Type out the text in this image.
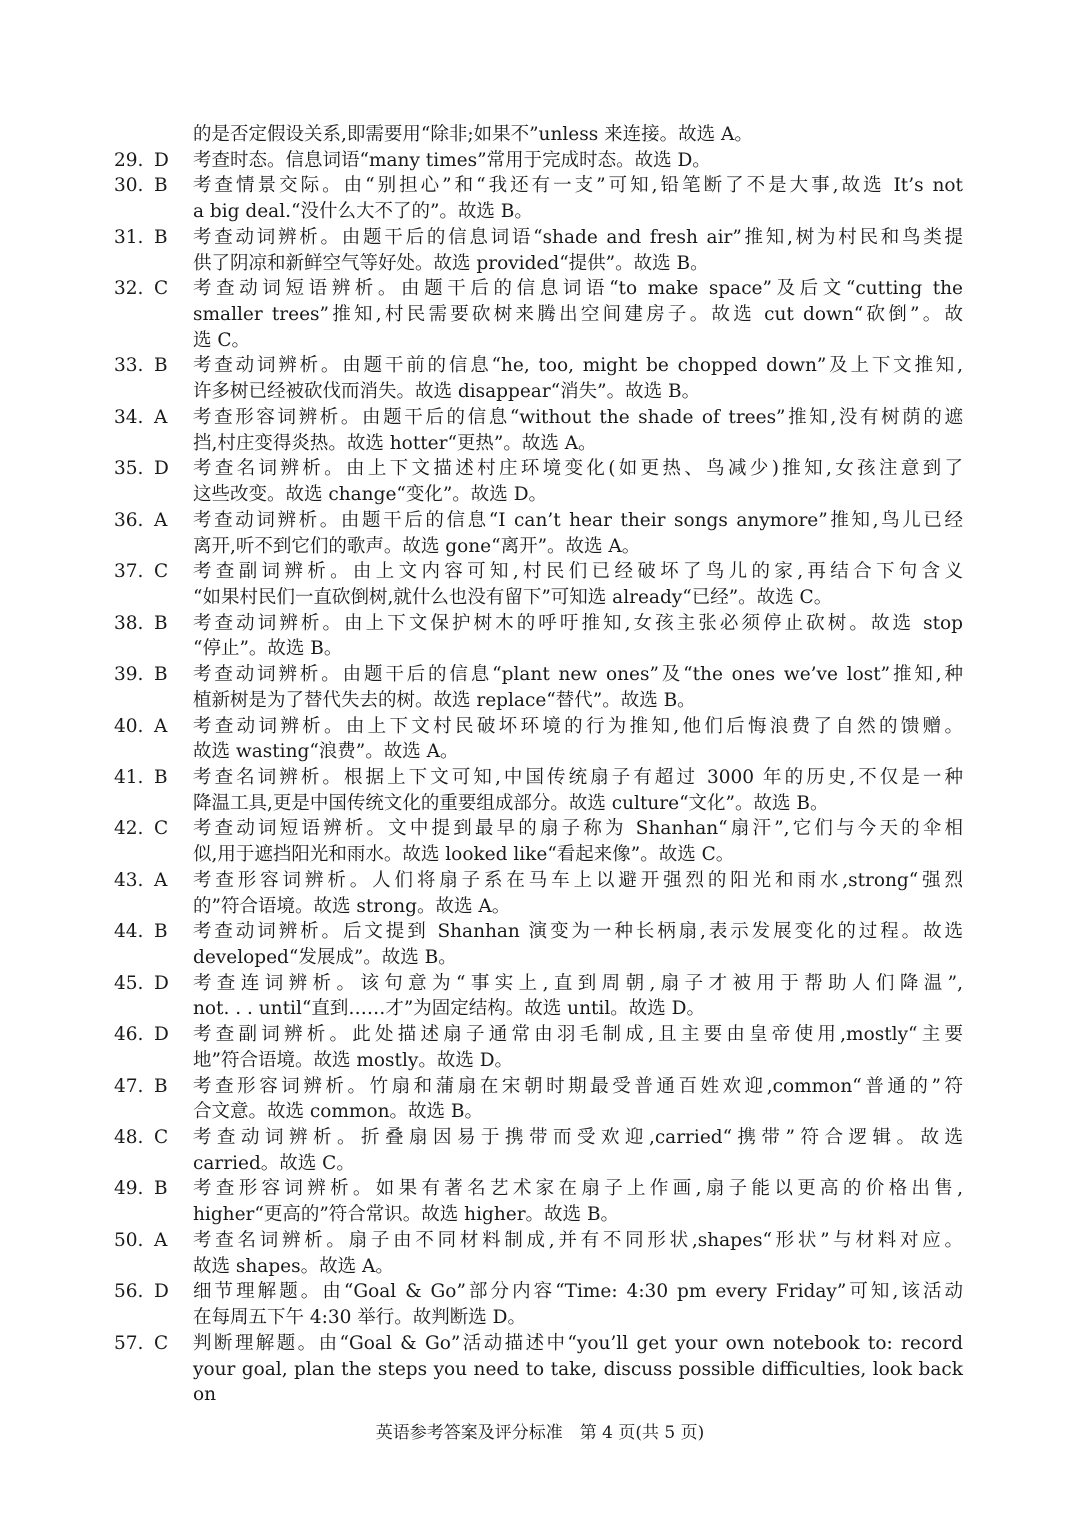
的是否定假设关系,即需要用“除非;如果不”unless 来连接。故选 A。
29. D	考查时态。信息词语“many times”常用于完成时态。故选 D。
30. B	考查情景交际。由“别担心”和“我还有一支”可知,铅笔断了不是大事,故选 It’s not
a big deal.“没什么大不了的”。故选 B。
31. B	考查动词辨析。由题干后的信息词语“shade and fresh air”推知,树为村民和鸟类提
供了阴凉和新鲜空气等好处。故选 provided“提供”。故选 B。
32. C	考查动词短语辨析。由题干后的信息词语“to make space”及后文“cutting the
smaller trees”推知,村民需要砍树来腾出空间建房子。故选 cut down“砍倒”。故
选 C。
33. B	考查动词辨析。由题干前的信息“he, too, might be chopped down”及上下文推知,
许多树已经被砍伐而消失。故选 disappear“消失”。故选 B。
34. A	考查形容词辨析。由题干后的信息“without the shade of trees”推知,没有树荫的遮
挡,村庄变得炎热。故选 hotter“更热”。故选 A。
35. D	考查名词辨析。由上下文描述村庄环境变化(如更热、鸟减少)推知,女孩注意到了
这些改变。故选 change“变化”。故选 D。
36. A	考查动词辨析。由题干后的信息“I can’t hear their songs anymore”推知,鸟儿已经
离开,听不到它们的歌声。故选 gone“离开”。故选 A。
37. C	考查副词辨析。由上文内容可知,村民们已经破坏了鸟儿的家,再结合下句含义
“如果村民们一直砍倒树,就什么也没有留下”可知选 already“已经”。故选 C。
38. B	考查动词辨析。由上下文保护树木的呼吁推知,女孩主张必须停止砍树。故选 stop
“停止”。故选 B。
39. B	考查动词辨析。由题干后的信息“plant new ones”及“the ones we’ve lost”推知,种
植新树是为了替代失去的树。故选 replace“替代”。故选 B。
40. A	考查动词辨析。由上下文村民破坏环境的行为推知,他们后悔浪费了自然的馈赠。
故选 wasting“浪费”。故选 A。
41. B	考查名词辨析。根据上下文可知,中国传统扇子有超过 3000 年的历史,不仅是一种
降温工具,更是中国传统文化的重要组成部分。故选 culture“文化”。故选 B。
42. C	考查动词短语辨析。文中提到最早的扇子称为 Shanhan“扇汗”,它们与今天的伞相
似,用于遮挡阳光和雨水。故选 looked like“看起来像”。故选 C。
43. A	考查形容词辨析。人们将扇子系在马车上以避开强烈的阳光和雨水,strong“强烈
的”符合语境。故选 strong。故选 A。
44. B	考查动词辨析。后文提到 Shanhan 演变为一种长柄扇,表示发展变化的过程。故选
developed“发展成”。故选 B。
45. D	考查连词辨析。该句意为“事实上,直到周朝,扇子才被用于帮助人们降温”,
not. . . until“直到……才”为固定结构。故选 until。故选 D。
46. D	考查副词辨析。此处描述扇子通常由羽毛制成,且主要由皇帝使用,mostly“主要
地”符合语境。故选 mostly。故选 D。
47. B	考查形容词辨析。竹扇和蒲扇在宋朝时期最受普通百姓欢迎,common“普通的”符
合文意。故选 common。故选 B。
48. C	考查动词辨析。折叠扇因易于携带而受欢迎,carried“携带”符合逻辑。故选
carried。故选 C。
49. B	考查形容词辨析。如果有著名艺术家在扇子上作画,扇子能以更高的价格出售,
higher“更高的”符合常识。故选 higher。故选 B。
50. A	考查名词辨析。扇子由不同材料制成,并有不同形状,shapes“形状”与材料对应。
故选 shapes。故选 A。
56. D	细节理解题。由“Goal & Go”部分内容“Time: 4:30 pm every Friday”可知,该活动
在每周五下午 4:30 举行。故判断选 D。
57. C	判断理解题。由“Goal & Go”活动描述中“you’ll get your own notebook to: record
your goal, plan the steps you need to take, discuss possible difficulties, look back on
英语参考答案及评分标准　第 4 页(共 5 页)
